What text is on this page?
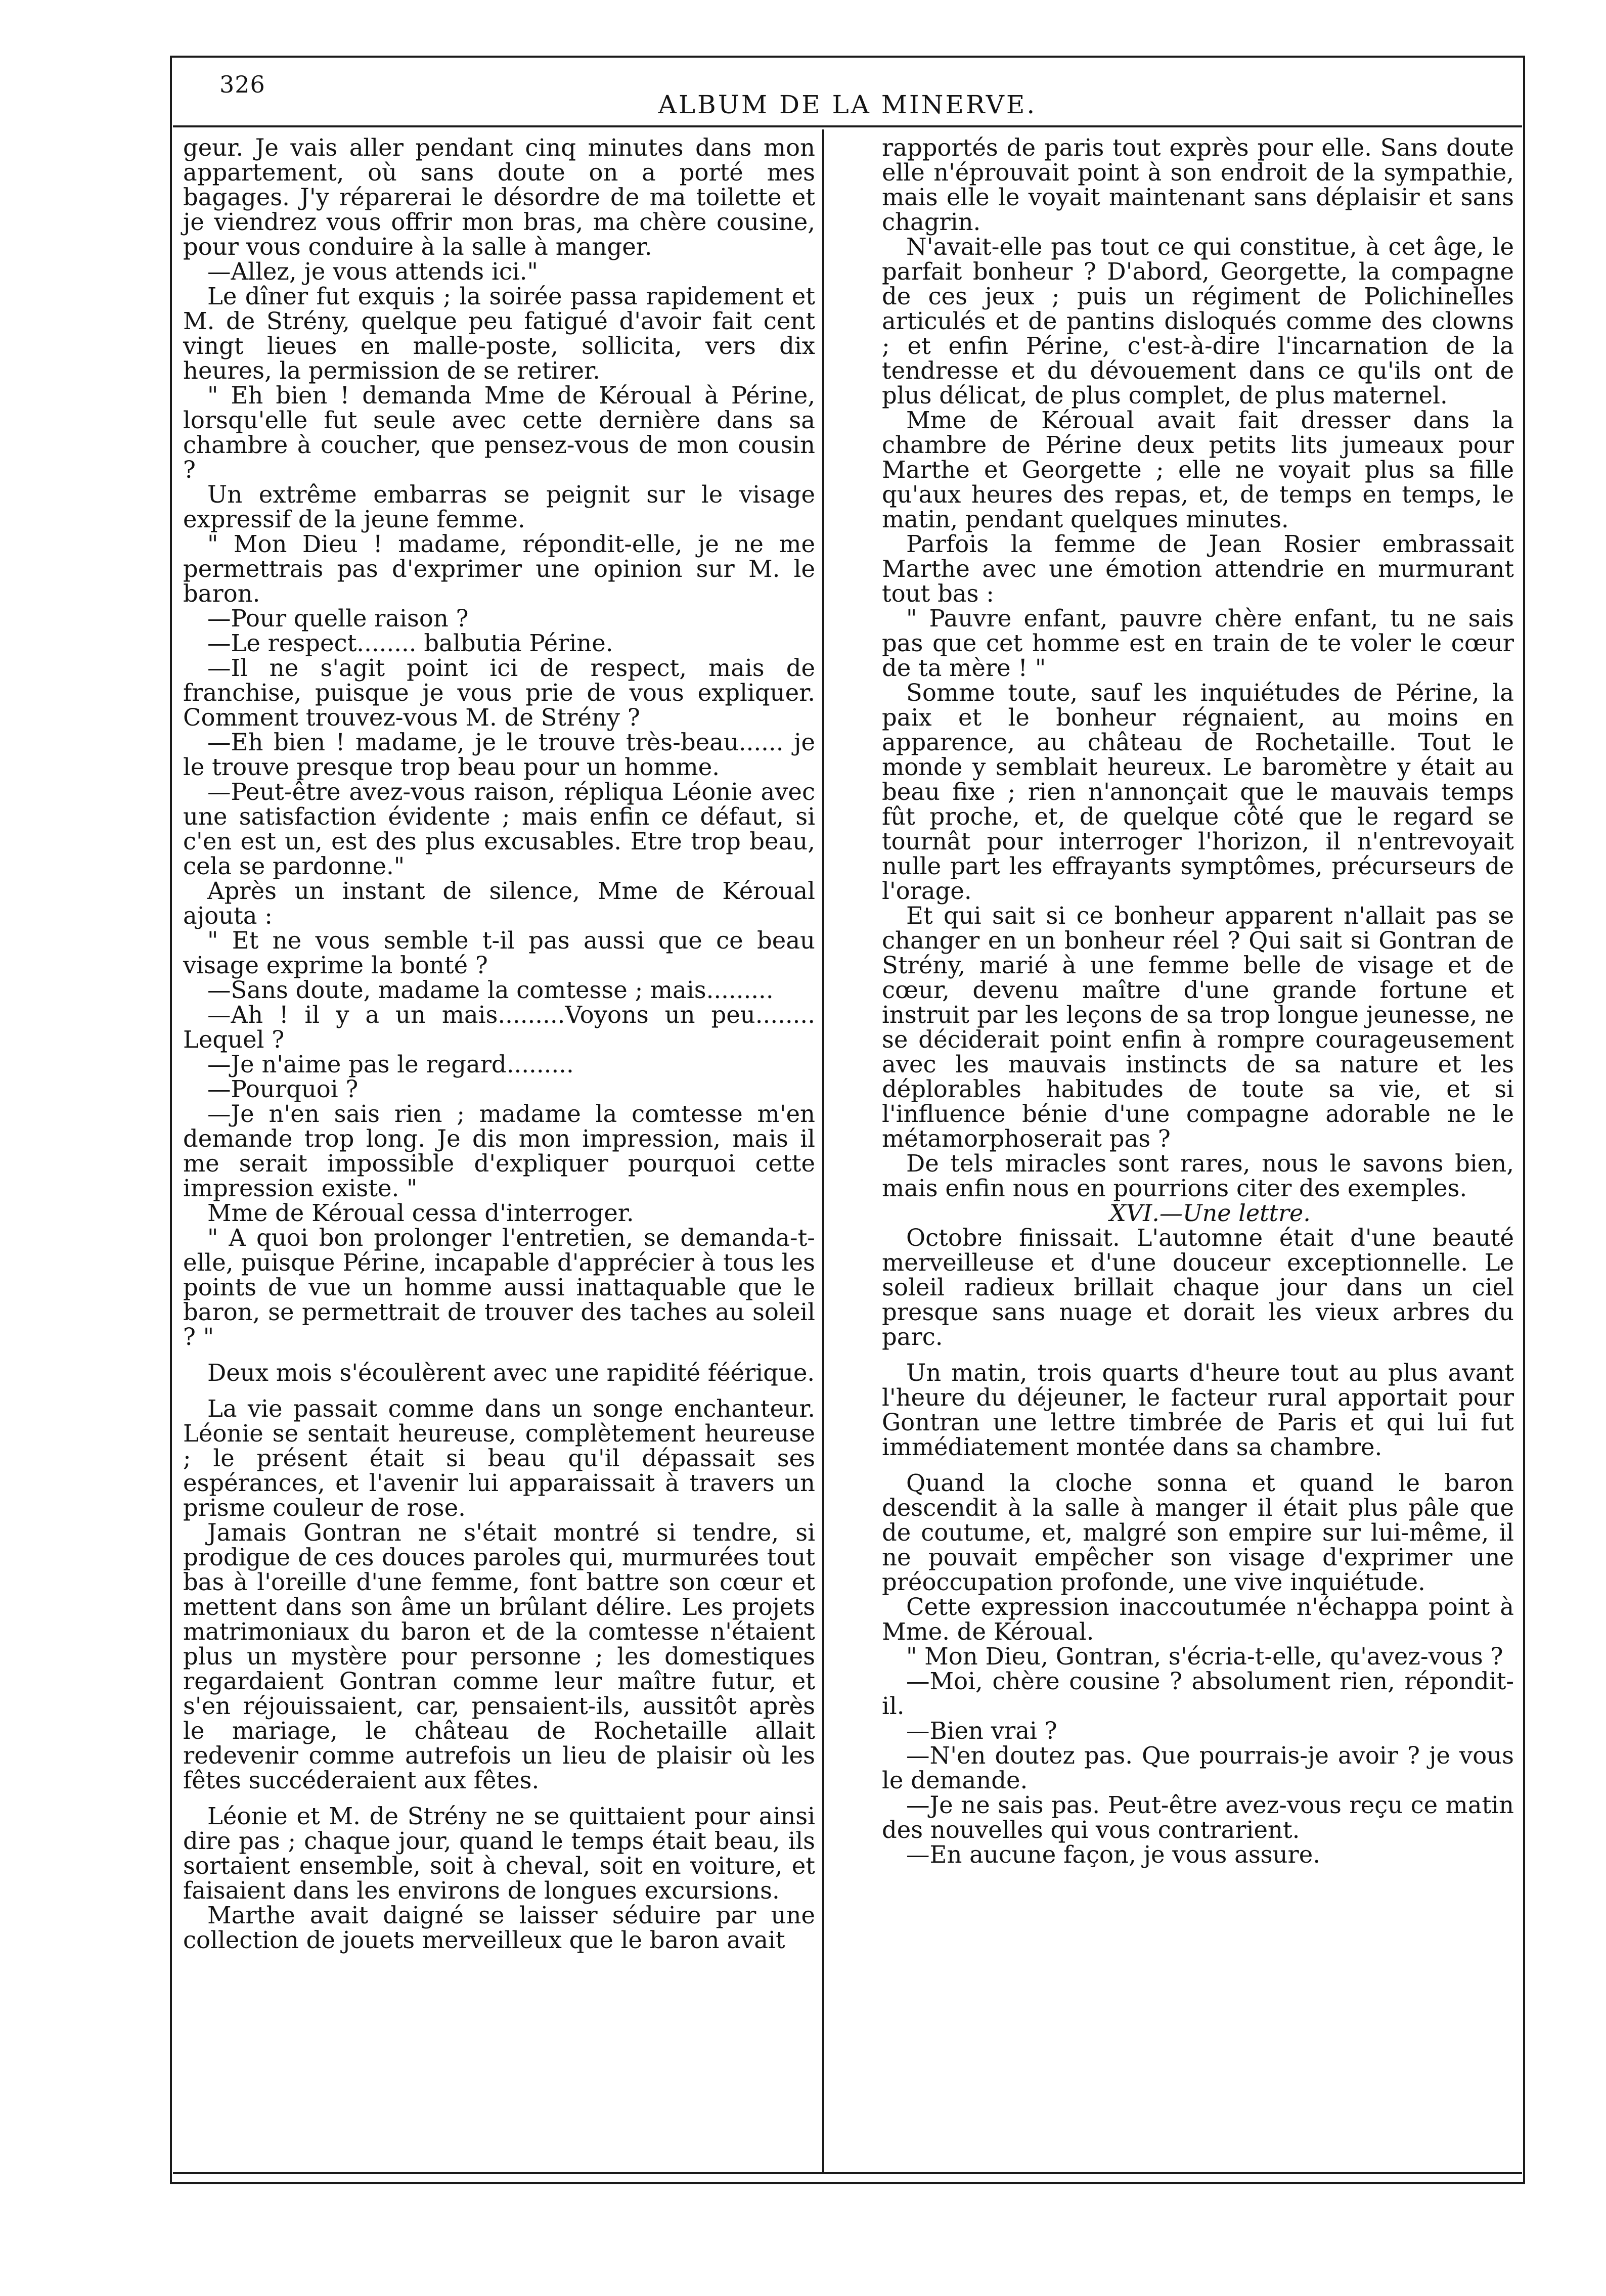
326
ALBUM DE LA MINERVE.

geur. Je vais aller pendant cinq minutes dans mon appartement, où sans doute on a porté mes bagages. J'y réparerai le désordre de ma toilette et je viendrez vous offrir mon bras, ma chère cousine, pour vous conduire à la salle à manger.

—Allez, je vous attends ici."

Le dîner fut exquis ; la soirée passa rapidement et M. de Strény, quelque peu fatigué d'avoir fait cent vingt lieues en malle-poste, sollicita, vers dix heures, la permission de se retirer.

" Eh bien ! demanda Mme de Kéroual à Périne, lorsqu'elle fut seule avec cette dernière dans sa chambre à coucher, que pensez-vous de mon cousin ?

Un extrême embarras se peignit sur le visage expressif de la jeune femme.

" Mon Dieu ! madame, répondit-elle, je ne me permettrais pas d'exprimer une opinion sur M. le baron.

—Pour quelle raison ?

—Le respect........ balbutia Périne.

—Il ne s'agit point ici de respect, mais de franchise, puisque je vous prie de vous expliquer. Comment trouvez-vous M. de Strény ?

—Eh bien ! madame, je le trouve très-beau...... je le trouve presque trop beau pour un homme.

—Peut-être avez-vous raison, répliqua Léonie avec une satisfaction évidente ; mais enfin ce défaut, si c'en est un, est des plus excusables. Etre trop beau, cela se pardonne."

Après un instant de silence, Mme de Kéroual ajouta :

" Et ne vous semble t-il pas aussi que ce beau visage exprime la bonté ?

—Sans doute, madame la comtesse ; mais.........

—Ah ! il y a un mais.........Voyons un peu........ Lequel ?

—Je n'aime pas le regard.........

—Pourquoi ?

—Je n'en sais rien ; madame la comtesse m'en demande trop long. Je dis mon impression, mais il me serait impossible d'expliquer pourquoi cette impression existe. "

Mme de Kéroual cessa d'interroger.

" A quoi bon prolonger l'entretien, se demanda-t-elle, puisque Périne, incapable d'apprécier à tous les points de vue un homme aussi inattaquable que le baron, se permettrait de trouver des taches au soleil ? "

Deux mois s'écoulèrent avec une rapidité féérique.

La vie passait comme dans un songe enchanteur. Léonie se sentait heureuse, complètement heureuse ; le présent était si beau qu'il dépassait ses espérances, et l'avenir lui apparaissait à travers un prisme couleur de rose.

Jamais Gontran ne s'était montré si tendre, si prodigue de ces douces paroles qui, murmurées tout bas à l'oreille d'une femme, font battre son cœur et mettent dans son âme un brûlant délire. Les projets matrimoniaux du baron et de la comtesse n'étaient plus un mystère pour personne ; les domestiques regardaient Gontran comme leur maître futur, et s'en réjouissaient, car, pensaient-ils, aussitôt après le mariage, le château de Rochetaille allait redevenir comme autrefois un lieu de plaisir où les fêtes succéderaient aux fêtes.

Léonie et M. de Strény ne se quittaient pour ainsi dire pas ; chaque jour, quand le temps était beau, ils sortaient ensemble, soit à cheval, soit en voiture, et faisaient dans les environs de longues excursions.

Marthe avait daigné se laisser séduire par une collection de jouets merveilleux que le baron avait

rapportés de paris tout exprès pour elle. Sans doute elle n'éprouvait point à son endroit de la sympathie, mais elle le voyait maintenant sans déplaisir et sans chagrin.

N'avait-elle pas tout ce qui constitue, à cet âge, le parfait bonheur ? D'abord, Georgette, la compagne de ces jeux ; puis un régiment de Polichinelles articulés et de pantins disloqués comme des clowns ; et enfin Périne, c'est-à-dire l'incarnation de la tendresse et du dévouement dans ce qu'ils ont de plus délicat, de plus complet, de plus maternel.

Mme de Kéroual avait fait dresser dans la chambre de Périne deux petits lits jumeaux pour Marthe et Georgette ; elle ne voyait plus sa fille qu'aux heures des repas, et, de temps en temps, le matin, pendant quelques minutes.

Parfois la femme de Jean Rosier embrassait Marthe avec une émotion attendrie en murmurant tout bas :

" Pauvre enfant, pauvre chère enfant, tu ne sais pas que cet homme est en train de te voler le cœur de ta mère ! "

Somme toute, sauf les inquiétudes de Périne, la paix et le bonheur régnaient, au moins en apparence, au château de Rochetaille. Tout le monde y semblait heureux. Le baromètre y était au beau fixe ; rien n'annonçait que le mauvais temps fût proche, et, de quelque côté que le regard se tournât pour interroger l'horizon, il n'entrevoyait nulle part les effrayants symptômes, précurseurs de l'orage.

Et qui sait si ce bonheur apparent n'allait pas se changer en un bonheur réel ? Qui sait si Gontran de Strény, marié à une femme belle de visage et de cœur, devenu maître d'une grande fortune et instruit par les leçons de sa trop longue jeunesse, ne se déciderait point enfin à rompre courageusement avec les mauvais instincts de sa nature et les déplorables habitudes de toute sa vie, et si l'influence bénie d'une compagne adorable ne le métamorphoserait pas ?

De tels miracles sont rares, nous le savons bien, mais enfin nous en pourrions citer des exemples.

XVI.—Une lettre.

Octobre finissait. L'automne était d'une beauté merveilleuse et d'une douceur exceptionnelle. Le soleil radieux brillait chaque jour dans un ciel presque sans nuage et dorait les vieux arbres du parc.

Un matin, trois quarts d'heure tout au plus avant l'heure du déjeuner, le facteur rural apportait pour Gontran une lettre timbrée de Paris et qui lui fut immédiatement montée dans sa chambre.

Quand la cloche sonna et quand le baron descendit à la salle à manger il était plus pâle que de coutume, et, malgré son empire sur lui-même, il ne pouvait empêcher son visage d'exprimer une préoccupation profonde, une vive inquiétude.

Cette expression inaccoutumée n'échappa point à Mme. de Kéroual.

" Mon Dieu, Gontran, s'écria-t-elle, qu'avez-vous ?

—Moi, chère cousine ? absolument rien, répondit-il.

—Bien vrai ?

—N'en doutez pas. Que pourrais-je avoir ? je vous le demande.

—Je ne sais pas. Peut-être avez-vous reçu ce matin des nouvelles qui vous contrarient.

—En aucune façon, je vous assure.
